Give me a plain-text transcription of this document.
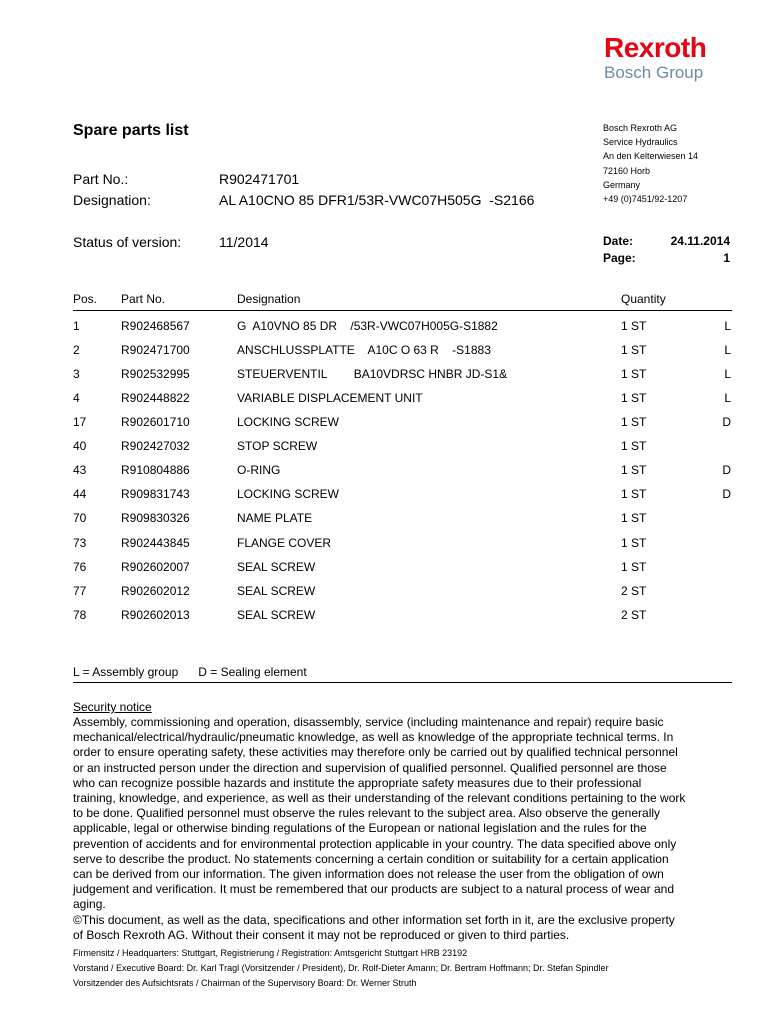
Rexroth
Bosch Group
Spare parts list	Bosch Rexroth AG
Service Hydraulics
An den Kelterwiesen 14
72160 Horb
Germany
+49 (0)7451/92-1207
Part No.:	R902471701
Designation:	AL A10CNO 85 DFR1/53R-VWC07H505G  -S2166
Status of version:	11/2014	Date:	24.11.2014
Page:	1
Pos. Part No.	Designation	Quantity
1	R902468567	G  A10VNO 85 DR    /53R-VWC07H005G-S1882	1 ST	L
2	R902471700	ANSCHLUSSPLATTE    A10C O 63 R    -S1883	1 ST	L
3	R902532995	STEUERVENTIL        BA10VDRSC HNBR JD-S1&	1 ST	L
4	R902448822	VARIABLE DISPLACEMENT UNIT	1 ST	L
17	R902601710	LOCKING SCREW	1 ST	D
40	R902427032	STOP SCREW	1 ST
43	R910804886	O-RING	1 ST	D
44	R909831743	LOCKING SCREW	1 ST	D
70	R909830326	NAME PLATE	1 ST
73	R902443845	FLANGE COVER	1 ST
76	R902602007	SEAL SCREW	1 ST
77	R902602012	SEAL SCREW	2 ST
78	R902602013	SEAL SCREW	2 ST
L = Assembly group      D = Sealing element
Security notice
Assembly, commissioning and operation, disassembly, service (including maintenance and repair) require basic
mechanical/electrical/hydraulic/pneumatic knowledge, as well as knowledge of the appropriate technical terms. In
order to ensure operating safety, these activities may therefore only be carried out by qualified technical personnel
or an instructed person under the direction and supervision of qualified personnel. Qualified personnel are those
who can recognize possible hazards and institute the appropriate safety measures due to their professional
training, knowledge, and experience, as well as their understanding of the relevant conditions pertaining to the work
to be done. Qualified personnel must observe the rules relevant to the subject area. Also observe the generally
applicable, legal or otherwise binding regulations of the European or national legislation and the rules for the
prevention of accidents and for environmental protection applicable in your country. The data specified above only
serve to describe the product. No statements concerning a certain condition or suitability for a certain application
can be derived from our information. The given information does not release the user from the obligation of own
judgement and verification. It must be remembered that our products are subject to a natural process of wear and
aging.
©This document, as well as the data, specifications and other information set forth in it, are the exclusive property
of Bosch Rexroth AG. Without their consent it may not be reproduced or given to third parties.
Firmensitz / Headquarters: Stuttgart, Registrierung / Registration: Amtsgericht Stuttgart HRB 23192
Vorstand / Executive Board: Dr. Karl Tragl (Vorsitzender / President), Dr. Rolf-Dieter Amann; Dr. Bertram Hoffmann; Dr. Stefan Spindler
Vorsitzender des Aufsichtsrats / Chairman of the Supervisory Board: Dr. Werner Struth
